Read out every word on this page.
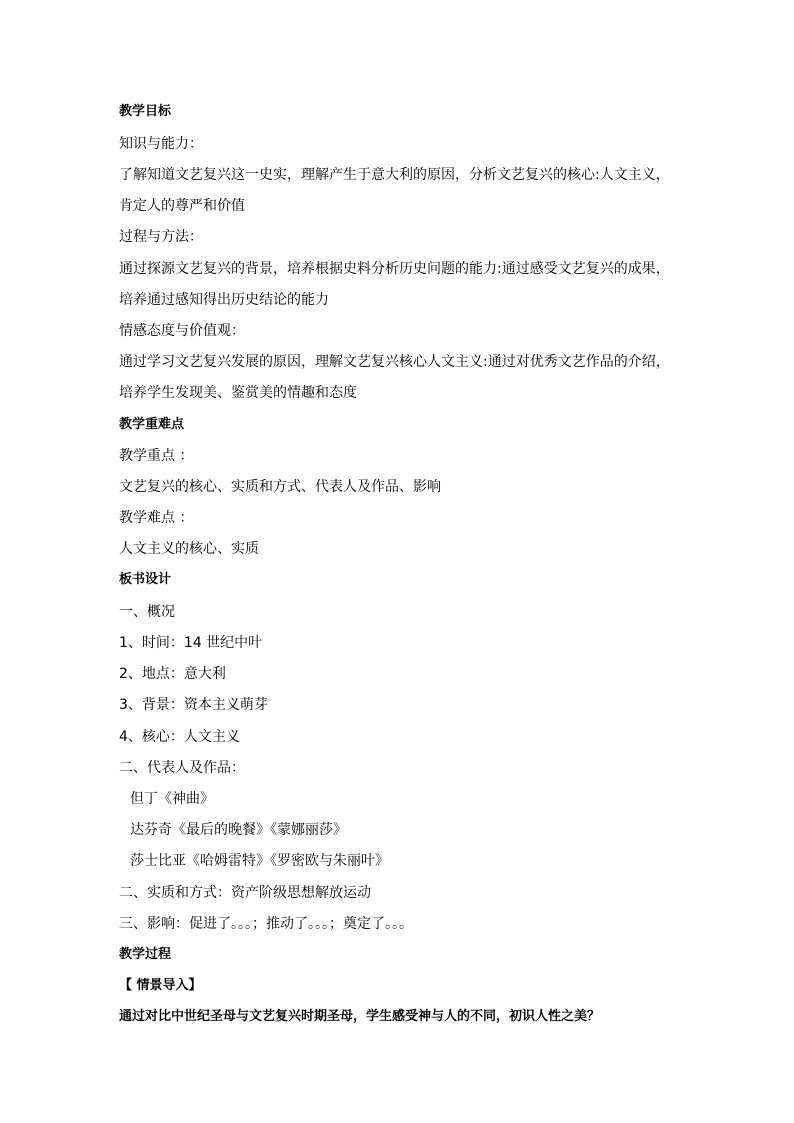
教学目标
知识与能力：
了解知道文艺复兴这一史实，理解产生于意大利的原因，分析文艺复兴的核心:人文主义，
肯定人的尊严和价值
过程与方法：
通过探源文艺复兴的背景，培养根据史料分析历史问题的能力:通过感受文艺复兴的成果，
培养通过感知得出历史结论的能力
情感态度与价值观：
通过学习文艺复兴发展的原因，理解文艺复兴核心人文主义:通过对优秀文艺作品的介绍，
培养学生发现美、鉴赏美的情趣和态度
教学重难点
教学重点 ：
文艺复兴的核心、实质和方式、代表人及作品、影响
教学难点 ：
人文主义的核心、实质
板书设计
一、概况
1、时间：14 世纪中叶
2、地点：意大利
3、背景：资本主义萌芽
4、核心：人文主义
二、代表人及作品：
但丁《神曲》
达芬奇《最后的晚餐》《蒙娜丽莎》
莎士比亚《哈姆雷特》《罗密欧与朱丽叶》
二、实质和方式：资产阶级思想解放运动
三、影响：促进了。。。；推动了。。。；奠定了。。。
教学过程
【 情景导入】
通过对比中世纪圣母与文艺复兴时期圣母，学生感受神与人的不同，初识人性之美？
